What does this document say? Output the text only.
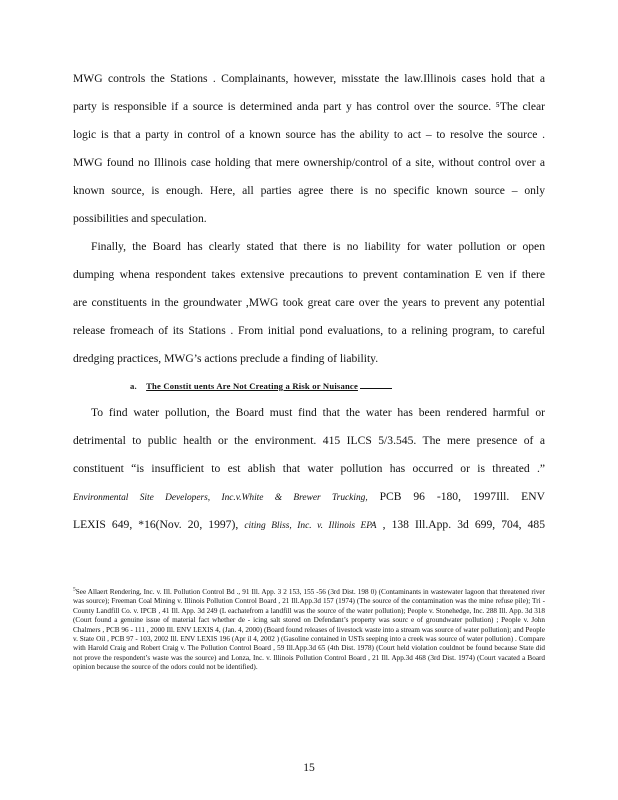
MWG controls the Stations . Complainants, however, misstate the law.Illinois cases hold that a
party is responsible if a source is determined anda part y has control over the source. ⁵The clear
logic is that a party in control of a known source has the ability to act – to resolve the source .
MWG found no Illinois case holding that mere ownership/control of a site, without control over a
known source, is enough. Here, all parties agree there is no specific known source – only
possibilities and speculation.
Finally, the Board has clearly stated that there is no liability for water pollution or open
dumping whena respondent takes extensive precautions to prevent contamination E ven if there
are constituents in the groundwater ,MWG took great care over the years to prevent any potential
release fromeach of its Stations . From initial pond evaluations, to a relining program, to careful
dredging practices, MWG’s actions preclude a finding of liability.
a. The Constit uents Are Not Creating a Risk or Nuisance
To find water pollution, the Board must find that the water has been rendered harmful or
detrimental to public health or the environment. 415 ILCS 5/3.545. The mere presence of a
constituent “is insufficient to est ablish that water pollution has occurred or is threated .”
Environmental Site Developers, Inc.v.White & Brewer Trucking, PCB 96 -180, 1997Ill. ENV
LEXIS 649, *16(Nov. 20, 1997), citing Bliss, Inc. v. Illinois EPA , 138 Ill.App. 3d 699, 704, 485
$^5$See Allaert Rendering, Inc. v. Ill. Pollution Control Bd ., 91 Ill. App. 3 2 153, 155 -56 (3rd Dist. 198 0) (Contaminants in wastewater lagoon that threatened river was source); Freeman Coal Mining v. Illinois Pollution Control Board , 21 Ill.App.3d 157 (1974) (The source of the contamination was the mine refuse pile); Tri - County Landfill Co. v. IPCB , 41 Ill. App. 3d 249 (L eachatefrom a landfill was the source of the water pollution); People v. Stonehedge, Inc. 288 Ill. App. 3d 318 (Court found a genuine issue of material fact whether de - icing salt stored on Defendant’s property was sourc e of groundwater pollution) ; People v. John Chalmers , PCB 96 - 111 , 2000 Ill. ENV LEXIS 4, (Jan. 4, 2000) (Board found releases of livestock waste into a stream was source of water pollution); and People v. State Oil , PCB 97 - 103, 2002 Ill. ENV LEXIS 196 (Apr il 4, 2002 ) (Gasoline contained in USTs seeping into a creek was source of water pollution) . Compare with Harold Craig and Robert Craig v. The Pollution Control Board , 59 Ill.App.3d 65 (4th Dist. 1978) (Court held violation couldnot be found because State did not prove the respondent’s waste was the source) and Lonza, Inc. v. Illinois Pollution Control Board , 21 Ill. App.3d 468 (3rd Dist. 1974) (Court vacated a Board opinion because the source of the odors could not be identified).
15
